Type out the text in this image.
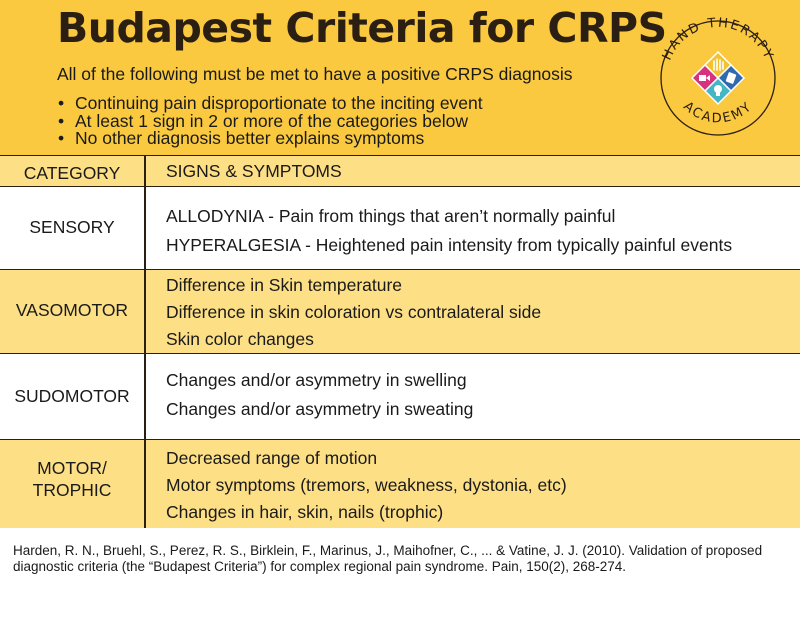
Budapest Criteria for CRPS
All of the following must be met to have a positive CRPS diagnosis
• Continuing pain disproportionate to the inciting event
• At least 1 sign in 2 or more of the categories below
• No other diagnosis better explains symptoms
HAND THERAPY
ACADEMY
CATEGORY	SIGNS & SYMPTOMS
SENSORY
ALLODYNIA - Pain from things that aren’t normally painful
HYPERALGESIA - Heightened pain intensity from typically painful events
VASOMOTOR
Difference in Skin temperature
Difference in skin coloration vs contralateral side
Skin color changes
SUDOMOTOR
Changes and/or asymmetry in swelling
Changes and/or asymmetry in sweating
MOTOR/
TROPHIC
Decreased range of motion
Motor symptoms (tremors, weakness, dystonia, etc)
Changes in hair, skin, nails (trophic)
Harden, R. N., Bruehl, S., Perez, R. S., Birklein, F., Marinus, J., Maihofner, C., ... & Vatine, J. J. (2010). Validation of proposed diagnostic criteria (the “Budapest Criteria”) for complex regional pain syndrome. Pain, 150(2), 268-274.
